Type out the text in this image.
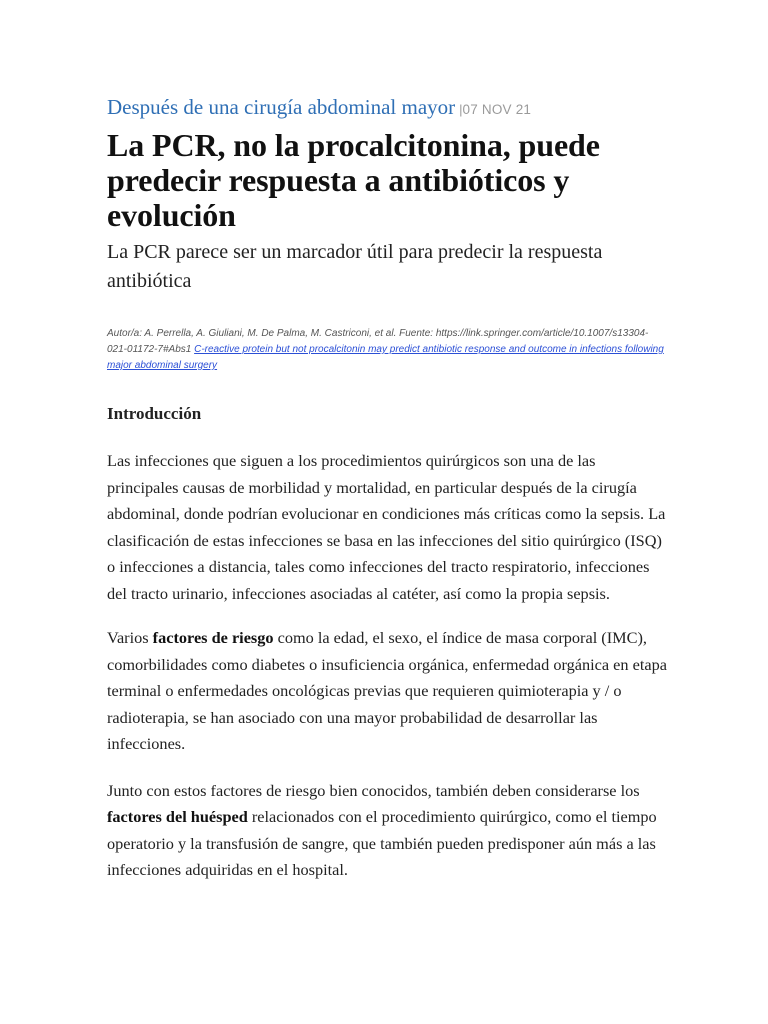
Después de una cirugía abdominal mayor |07 NOV 21
La PCR, no la procalcitonina, puede predecir respuesta a antibióticos y evolución

La PCR parece ser un marcador útil para predecir la respuesta antibiótica

Autor/a: A. Perrella, A. Giuliani, M. De Palma, M. Castriconi, et al. Fuente: https://link.springer.com/article/10.1007/s13304-021-01172-7#Abs1 C-reactive protein but not procalcitonin may predict antibiotic response and outcome in infections following major abdominal surgery

Introducción

Las infecciones que siguen a los procedimientos quirúrgicos son una de las principales causas de morbilidad y mortalidad, en particular después de la cirugía abdominal, donde podrían evolucionar en condiciones más críticas como la sepsis. La clasificación de estas infecciones se basa en las infecciones del sitio quirúrgico (ISQ) o infecciones a distancia, tales como infecciones del tracto respiratorio, infecciones del tracto urinario, infecciones asociadas al catéter, así como la propia sepsis.

Varios factores de riesgo como la edad, el sexo, el índice de masa corporal (IMC), comorbilidades como diabetes o insuficiencia orgánica, enfermedad orgánica en etapa terminal o enfermedades oncológicas previas que requieren quimioterapia y / o radioterapia, se han asociado con una mayor probabilidad de desarrollar las infecciones.

Junto con estos factores de riesgo bien conocidos, también deben considerarse los factores del huésped relacionados con el procedimiento quirúrgico, como el tiempo operatorio y la transfusión de sangre, que también pueden predisponer aún más a las infecciones adquiridas en el hospital.
